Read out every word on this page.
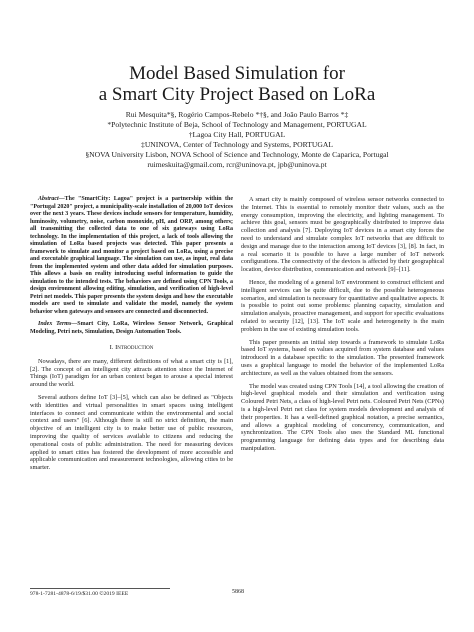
Model Based Simulation for
a Smart City Project Based on LoRa
Rui Mesquita*§, Rogério Campos-Rebelo *†§, and João Paulo Barros *‡
*Polytechnic Institute of Beja, School of Technology and Management, PORTUGAL
†Lagoa City Hall, PORTUGAL
‡UNINOVA, Center of Technology and Systems, PORTUGAL
§NOVA University Lisbon, NOVA School of Science and Technology, Monte de Caparica, Portugal
ruimeskuita@gmail.com, rcr@uninova.pt, jpb@uninova.pt

Abstract—The "SmartCity: Lagoa" project is a partnership within the "Portugal 2020" project, a municipality-scale installation of 20,000 IoT devices over the next 3 years. These devices include sensors for temperature, humidity, luminosity, volumetry, noise, carbon monoxide, pH, and ORP, among others; all transmitting the collected data to one of six gateways using LoRa technology. In the implementation of this project, a lack of tools allowing the simulation of LoRa based projects was detected. This paper presents a framework to simulate and monitor a project based on LoRa, using a precise and executable graphical language. The simulation can use, as input, real data from the implemented system and other data added for simulation purposes. This allows a basis on reality introducing useful information to guide the simulation to the intended tests. The behaviors are defined using CPN Tools, a design environment allowing editing, simulation, and verification of high-level Petri net models. This paper presents the system design and how the executable models are used to simulate and validate the model, namely the system behavior when gateways and sensors are connected and disconnected.

Index Terms—Smart City, LoRa, Wireless Sensor Network, Graphical Modeling, Petri nets, Simulation, Design Automation Tools.

I. Introduction

Nowadays, there are many, different definitions of what a smart city is [1], [2]. The concept of an intelligent city attracts attention since the Internet of Things (IoT) paradigm for an urban context began to arouse a special interest around the world.

Several authors define IoT [3]–[5], which can also be defined as "Objects with identities and virtual personalities in smart spaces using intelligent interfaces to connect and communicate within the environmental and social context and users" [6]. Although there is still no strict definition, the main objective of an intelligent city is to make better use of public resources, improving the quality of services available to citizens and reducing the operational costs of public administration. The need for measuring devices applied to smart cities has fostered the development of more accessible and applicable communication and measurement technologies, allowing cities to be smarter.

A smart city is mainly composed of wireless sensor networks connected to the Internet. This is essential to remotely monitor their values, such as the energy consumption, improving the electricity, and lighting management. To achieve this goal, sensors must be geographically distributed to improve data collection and analysis [7]. Deploying IoT devices in a smart city forces the need to understand and simulate complex IoT networks that are difficult to design and manage due to the interaction among IoT devices [3], [8]. In fact, in a real scenario it is possible to have a large number of IoT network configurations. The connectivity of the devices is affected by their geographical location, device distribution, communication and network [9]–[11].

Hence, the modeling of a general IoT environment to construct efficient and intelligent services can be quite difficult, due to the possible heterogeneous scenarios, and simulation is necessary for quantitative and qualitative aspects. It is possible to point out some problems: planning capacity, simulation and simulation analysis, proactive management, and support for specific evaluations related to security [12], [13]. The IoT scale and heterogeneity is the main problem in the use of existing simulation tools.

This paper presents an initial step towards a framework to simulate LoRa based IoT systems, based on values acquired from system database and values introduced in a database specific to the simulation. The presented framework uses a graphical language to model the behavior of the implemented LoRa architecture, as well as the values obtained from the sensors.

The model was created using CPN Tools [14], a tool allowing the creation of high-level graphical models and their simulation and verification using Coloured Petri Nets, a class of high-level Petri nets. Coloured Petri Nets (CPNs) is a high-level Petri net class for system models development and analysis of their properties. It has a well-defined graphical notation, a precise semantics, and allows a graphical modeling of concurrency, communication, and synchronization. The CPN Tools also uses the Standard ML functional programming language for defining data types and for describing data manipulation.

978-1-7281-4878-6/19/$31.00 ©2019 IEEE	5868
